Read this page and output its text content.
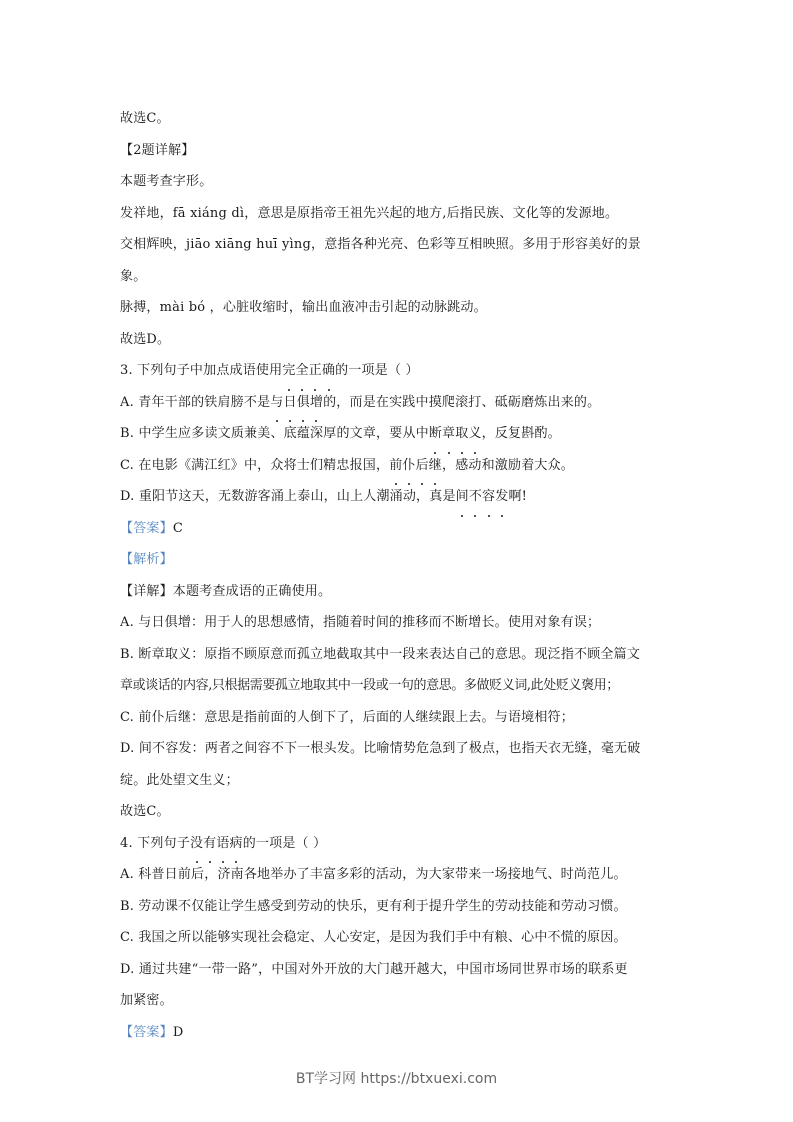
故选C。
【2题详解】
本题考查字形。
发祥地，fā xiáng dì，意思是原指帝王祖先兴起的地方,后指民族、文化等的发源地。
交相辉映，jiāo xiāng huī yìng，意指各种光亮、色彩等互相映照。多用于形容美好的景
象。
脉搏，mài bó ，心脏收缩时，输出血液冲击引起的动脉跳动。
故选D。
3. 下列句子中加点成语使用完全正确的一项是（ ）
A. 青年干部的铁肩膀不是与日俱增的，而是在实践中摸爬滚打、砥砺磨炼出来的。
B. 中学生应多读文质兼美、底蕴深厚的文章，要从中断章取义，反复斟酌。
C. 在电影《满江红》中，众将士们精忠报国，前仆后继，感动和激励着大众。
D. 重阳节这天，无数游客涌上泰山，山上人潮涌动，真是间不容发啊!
【答案】C
【解析】
【详解】本题考查成语的正确使用。
A. 与日俱增：用于人的思想感情，指随着时间的推移而不断增长。使用对象有误；
B. 断章取义：原指不顾原意而孤立地截取其中一段来表达自己的意思。现泛指不顾全篇文
章或谈话的内容,只根据需要孤立地取其中一段或一句的意思。多做贬义词,此处贬义褒用；
C. 前仆后继：意思是指前面的人倒下了，后面的人继续跟上去。与语境相符；
D. 间不容发：两者之间容不下一根头发。比喻情势危急到了极点，也指天衣无缝，毫无破
绽。此处望文生义；
故选C。
4. 下列句子没有语病的一项是（ ）
A. 科普日前后，济南各地举办了丰富多彩的活动，为大家带来一场接地气、时尚范儿。
B. 劳动课不仅能让学生感受到劳动的快乐，更有利于提升学生的劳动技能和劳动习惯。
C. 我国之所以能够实现社会稳定、人心安定，是因为我们手中有粮、心中不慌的原因。
D. 通过共建“一带一路”，中国对外开放的大门越开越大，中国市场同世界市场的联系更
加紧密。
【答案】D
BT学习网 https://btxuexi.com
